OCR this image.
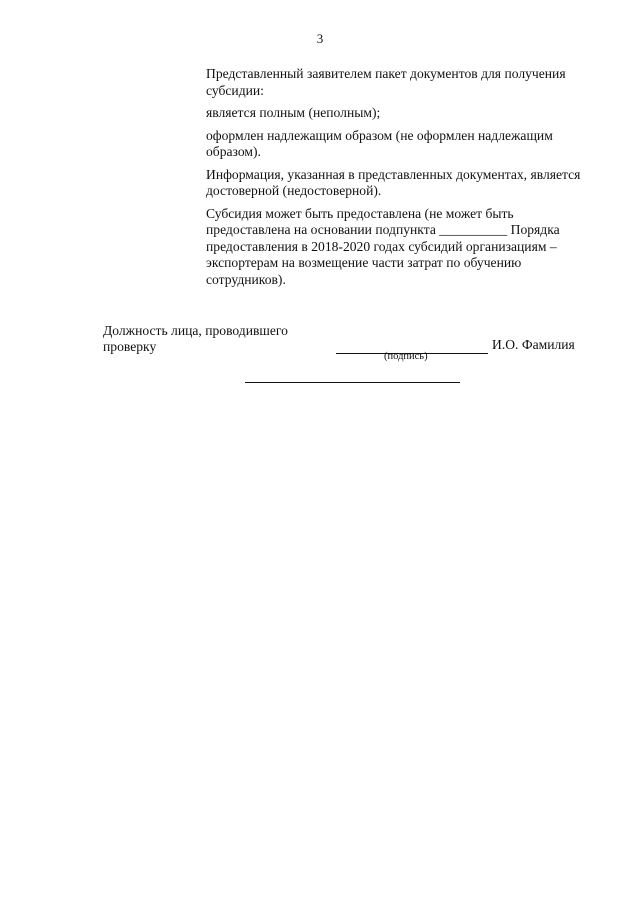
3

Представленный заявителем пакет документов для получения субсидии:

является полным (неполным);

оформлен надлежащим образом (не оформлен надлежащим образом).

Информация, указанная в представленных документах, является достоверной (недостоверной).

Субсидия может быть предоставлена (не может быть предоставлена на основании подпункта __________ Порядка предоставления в 2018-2020 годах субсидий организациям – экспортерам на возмещение части затрат по обучению сотрудников).

Должность лица, проводившего проверку
(подпись)
И.О. Фамилия
